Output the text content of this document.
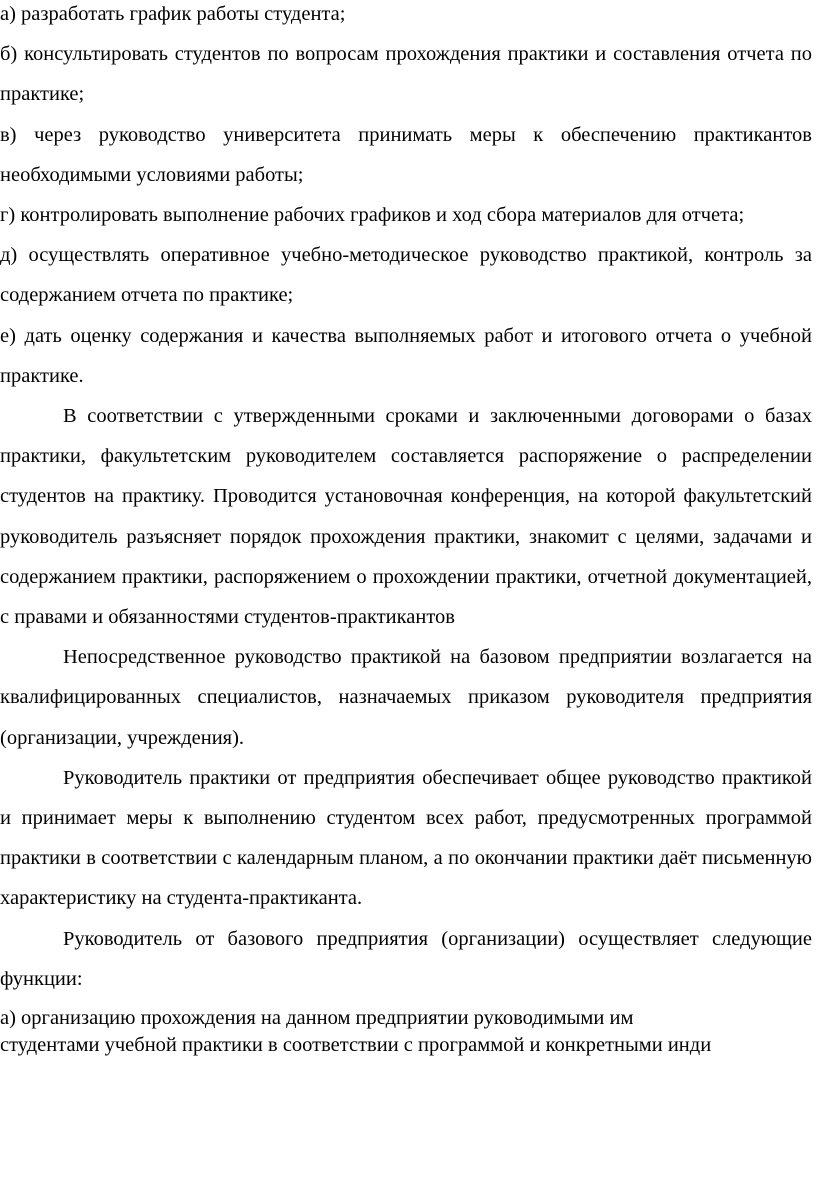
а) разработать график работы студента;

б) консультировать студентов по вопросам прохождения практики и составления отчета по практике;

в) через руководство университета принимать меры к обеспечению практикантов необходимыми условиями работы;

г) контролировать выполнение рабочих графиков и ход сбора материалов для отчета;

д) осуществлять оперативное учебно-методическое руководство практикой, контроль за содержанием отчета по практике;

е) дать оценку содержания и качества выполняемых работ и итогового отчета о учебной практике.

В соответствии с утвержденными сроками и заключенными договорами о базах практики, факультетским руководителем составляется распоряжение о распределении студентов на практику. Проводится установочная конференция, на которой факультетский руководитель разъясняет порядок прохождения практики, знакомит с целями, задачами и содержанием практики, распоряжением о прохождении практики, отчетной документацией, с правами и обязанностями студентов-практикантов

Непосредственное руководство практикой на базовом предприятии возлагается на квалифицированных специалистов, назначаемых приказом руководителя предприятия (организации, учреждения).

Руководитель практики от предприятия обеспечивает общее руководство практикой и принимает меры к выполнению студентом всех работ, предусмотренных программой практики в соответствии с календарным планом, а по окончании практики даёт письменную характеристику на студента-практиканта.

Руководитель от базового предприятия (организации) осуществляет следующие функции:

а) организацию прохождения на данном предприятии руководимыми им
студентами учебной практики в соответствии с программой и конкретными инди
